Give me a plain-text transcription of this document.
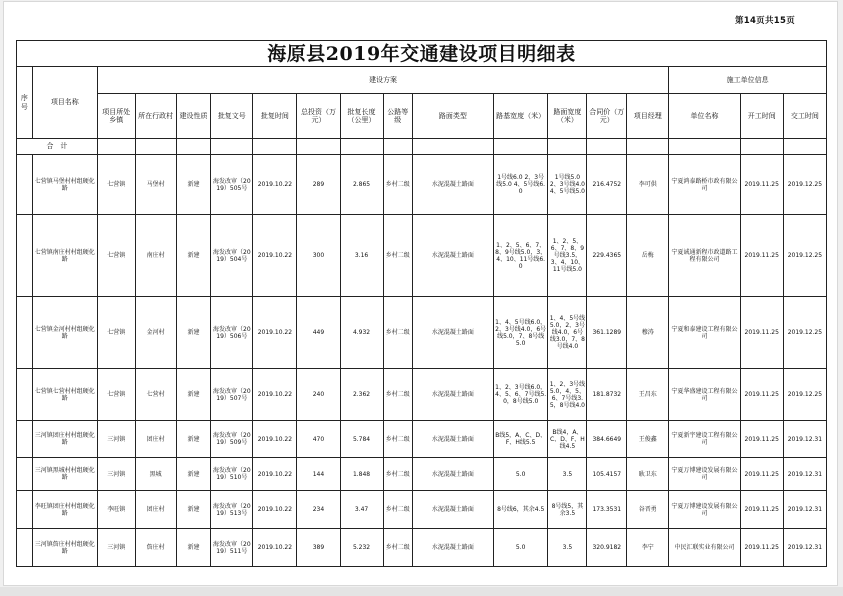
第14页共15页
海原县2019年交通建设项目明细表																	
序号	项目名称	建设方案													施工单位信息		
		项目所处乡镇	所在行政村	建设性质	批复文号	批复时间	总投资（万元）	批复长度（公里）	公路等级	路面类型	路基宽度（米）	路面宽度（米）	合同价（万元）	项目经理	单位名称	开工时间	交工时间
合　计																	
	七营镇马堡村村组硬化路	七营镇	马堡村	新建	海发改审（2019）505号	2019.10.22	289	2.865	乡村二级	水泥混凝土路面	1号线6.0 2、3号线5.0 4、5号线6.0	1号线5.0 2、3号线4.0 4、5号线5.0	216.4752	李可供	宁夏鸿泰路桥市政有限公司	2019.11.25	2019.12.25
	七营镇南庄村村组硬化路	七营镇	南庄村	新建	海发改审（2019）504号	2019.10.22	300	3.16	乡村二级	水泥混凝土路面	1、2、5、6、7、8、9号线5.0，3、4、10、11号线6.0	1、2、5、6、7、8、9号线3.5，3、4、10、11号线5.0	229.4365	岳梅	宁夏诚通新程市政道路工程有限公司	2019.11.25	2019.12.25
	七营镇金河村村组硬化路	七营镇	金河村	新建	海发改审（2019）506号	2019.10.22	449	4.932	乡村二级	水泥混凝土路面	1、4、5号线6.0，2、3号线4.0，6号线5.0，7、8号线5.0	1、4、5号线5.0，2、3号线4.0，6号线3.0，7、8号线4.0	361.1289	穆涛	宁夏和泰建设工程有限公司	2019.11.25	2019.12.25
	七营镇七营村村组硬化路	七营镇	七营村	新建	海发改审（2019）507号	2019.10.22	240	2.362	乡村二级	水泥混凝土路面	1、2、3号线6.0，4、5、6、7号线5.0，8号线5.0	1、2、3号线5.0，4、5、6、7号线3.5，8号线4.0	181.8732	王昌东	宁夏华盛建设工程有限公司	2019.11.25	2019.12.25
	三河镇团庄村村组硬化路	三河镇	团庄村	新建	海发改审（2019）509号	2019.10.22	470	5.784	乡村二级	水泥混凝土路面	B线5，A、C、D、F、H线5.5	B线4，A、C、D、F、H线4.5	384.6649	王俊鑫	宁夏新宇建设工程有限公司	2019.11.25	2019.12.31
	三河镇黑城村村组硬化路	三河镇	黑城	新建	海发改审（2019）510号	2019.10.22	144	1.848	乡村二级	水泥混凝土路面	5.0	3.5	105.4157	耿卫东	宁夏万博建设发展有限公司	2019.11.25	2019.12.31
	李旺镇团庄村村组硬化路	李旺镇	团庄村	新建	海发改审（2019）513号	2019.10.22	234	3.47	乡村二级	水泥混凝土路面	8号线6，其余4.5	8号线5，其余3.5	173.3531	谷晋勇	宁夏万博建设发展有限公司	2019.11.25	2019.12.31
	三河镇詹庄村村组硬化路	三河镇	詹庄村	新建	海发改审（2019）511号	2019.10.22	389	5.232	乡村二级	水泥混凝土路面	5.0	3.5	320.9182	李宁	中民汇联实业有限公司	2019.11.25	2019.12.31
